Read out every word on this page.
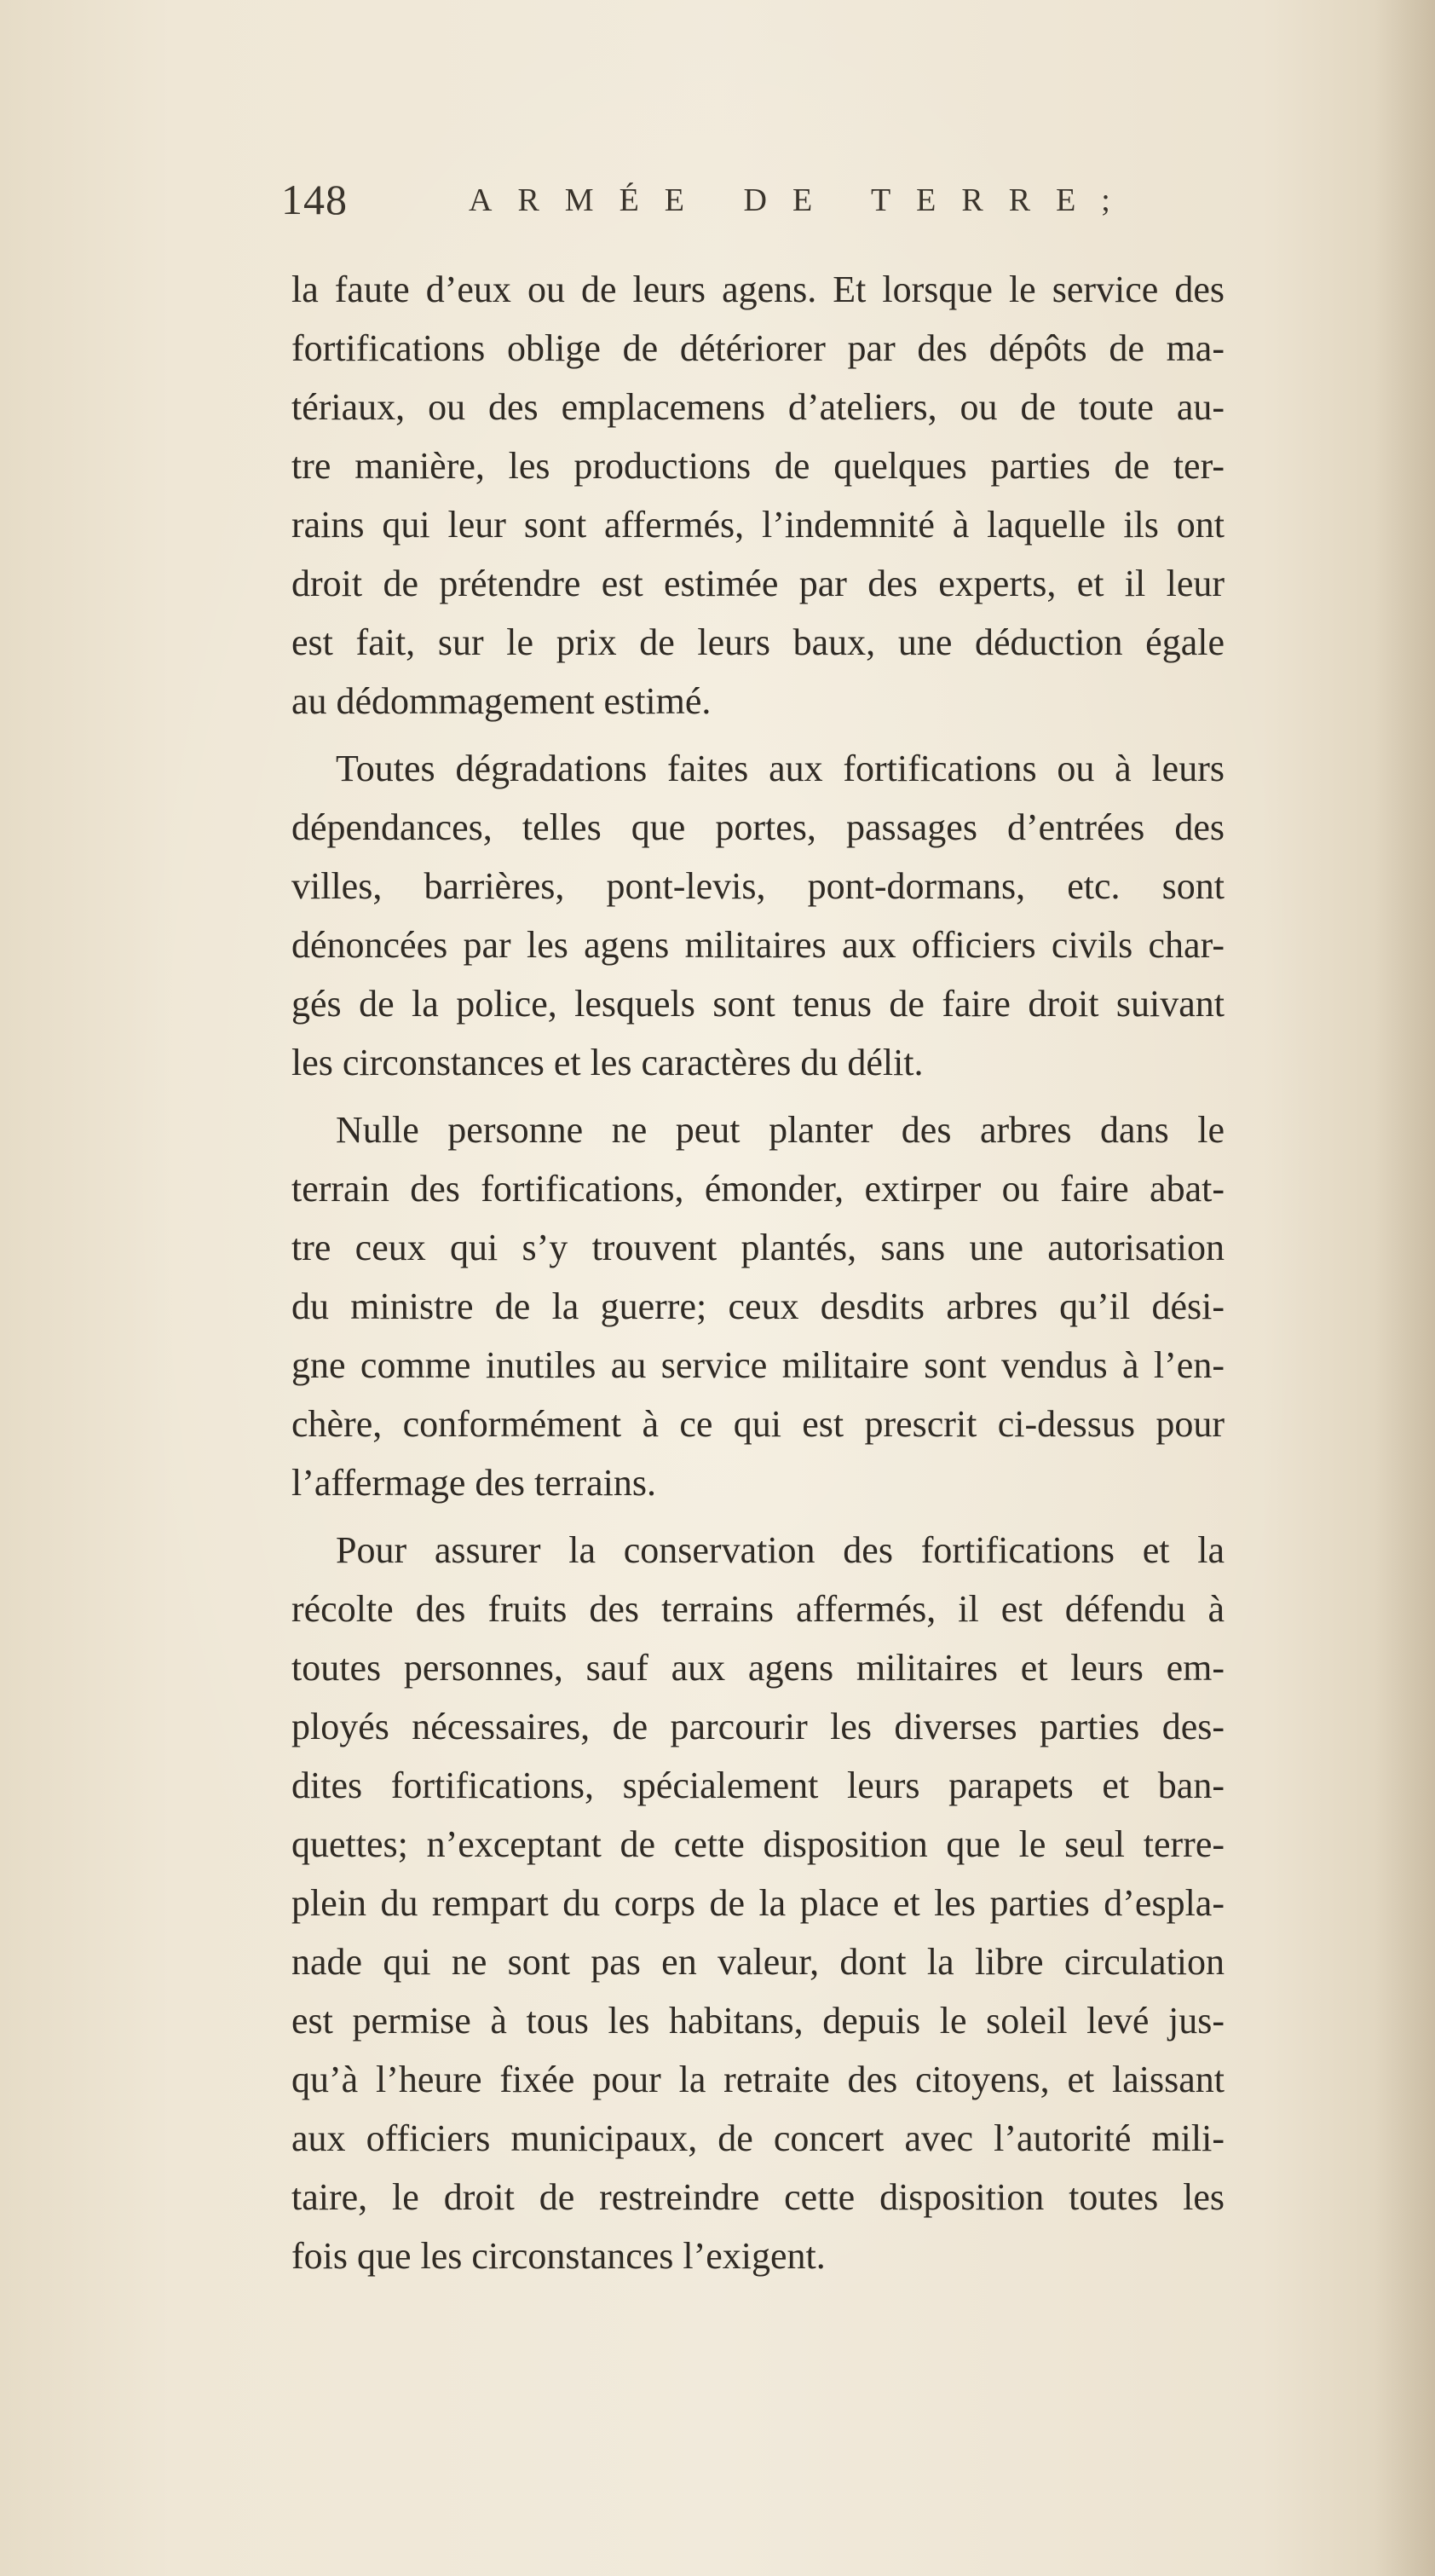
148	ARMÉE DE TERRE;
la faute d’eux ou de leurs agens. Et lorsque le service des
fortifications oblige de détériorer par des dépôts de ma-
tériaux, ou des emplacemens d’ateliers, ou de toute au-
tre manière, les productions de quelques parties de ter-
rains qui leur sont affermés, l’indemnité à laquelle ils ont
droit de prétendre est estimée par des experts, et il leur
est fait, sur le prix de leurs baux, une déduction égale
au dédommagement estimé.
Toutes dégradations faites aux fortifications ou à leurs
dépendances, telles que portes, passages d’entrées des
villes, barrières, pont-levis, pont-dormans, etc. sont
dénoncées par les agens militaires aux officiers civils char-
gés de la police, lesquels sont tenus de faire droit suivant
les circonstances et les caractères du délit.
Nulle personne ne peut planter des arbres dans le
terrain des fortifications, émonder, extirper ou faire abat-
tre ceux qui s’y trouvent plantés, sans une autorisation
du ministre de la guerre; ceux desdits arbres qu’il dési-
gne comme inutiles au service militaire sont vendus à l’en-
chère, conformément à ce qui est prescrit ci-dessus pour
l’affermage des terrains.
Pour assurer la conservation des fortifications et la
récolte des fruits des terrains affermés, il est défendu à
toutes personnes, sauf aux agens militaires et leurs em-
ployés nécessaires, de parcourir les diverses parties des-
dites fortifications, spécialement leurs parapets et ban-
quettes; n’exceptant de cette disposition que le seul terre-
plein du rempart du corps de la place et les parties d’espla-
nade qui ne sont pas en valeur, dont la libre circulation
est permise à tous les habitans, depuis le soleil levé jus-
qu’à l’heure fixée pour la retraite des citoyens, et laissant
aux officiers municipaux, de concert avec l’autorité mili-
taire, le droit de restreindre cette disposition toutes les
fois que les circonstances l’exigent.
